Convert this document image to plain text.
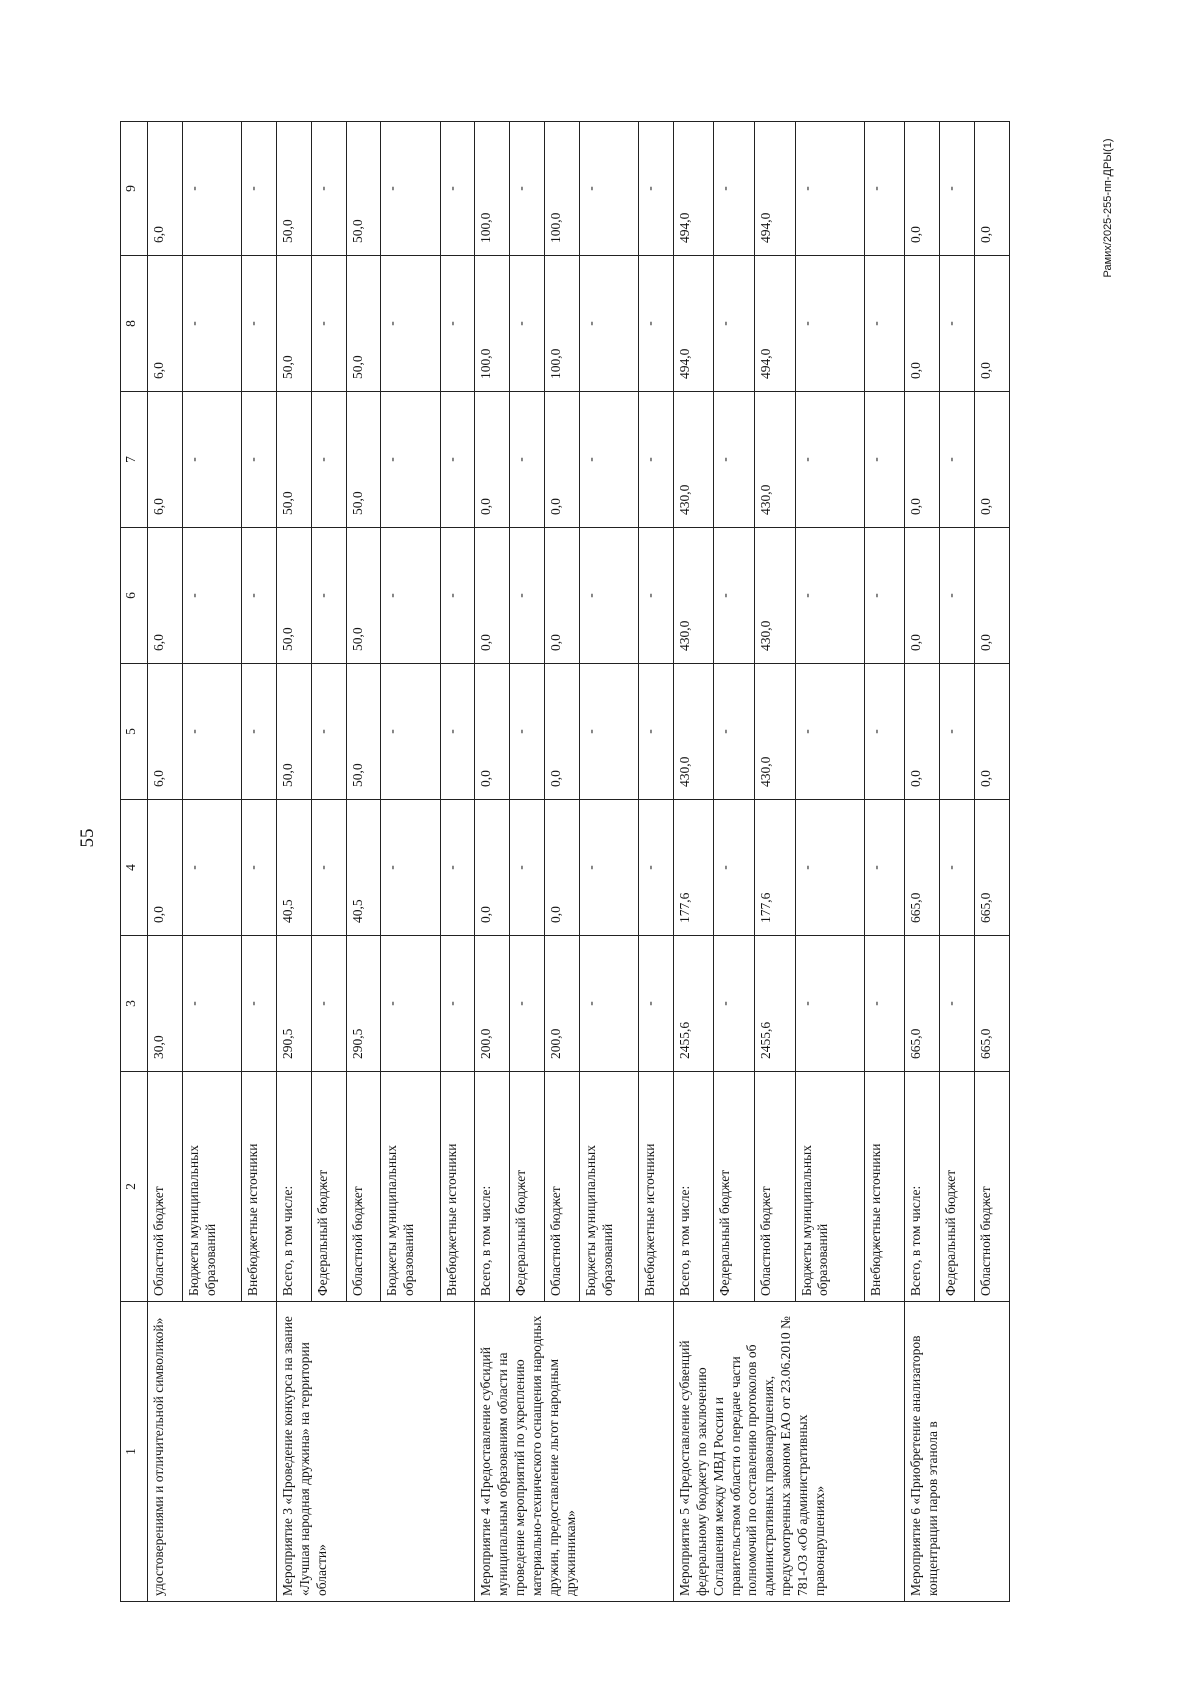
55
Рамих/2025-255-пп-ДРЫ(1)
1	2	3	4	5	6	7	8	9
удостоверениями и отличительной символикой»	Областной бюджет	30,0	0,0	6,0	6,0	6,0	6,0	6,0
	Бюджеты муниципальных образований	-	-	-	-	-	-	-
	Внебюджетные источники	-	-	-	-	-	-	-
Мероприятие 3 «Проведение конкурса на звание «Лучшая народная дружина» на территории области»	Всего, в том числе:	290,5	40,5	50,0	50,0	50,0	50,0	50,0
	Федеральный бюджет	-	-	-	-	-	-	-
	Областной бюджет	290,5	40,5	50,0	50,0	50,0	50,0	50,0
	Бюджеты муниципальных образований	-	-	-	-	-	-	-
	Внебюджетные источники	-	-	-	-	-	-	-
Мероприятие 4 «Предоставление субсидий муниципальным образованиям области на проведение мероприятий по укреплению материально-технического оснащения народных дружин, предоставление льгот народным дружинникам»	Всего, в том числе:	200,0	0,0	0,0	0,0	0,0	100,0	100,0
	Федеральный бюджет	-	-	-	-	-	-	-
	Областной бюджет	200,0	0,0	0,0	0,0	0,0	100,0	100,0
	Бюджеты муниципальных образований	-	-	-	-	-	-	-
	Внебюджетные источники	-	-	-	-	-	-	-
Мероприятие 5 «Предоставление субвенций федеральному бюджету по заключению Соглашения между МВД России и правительством области о передаче части полномочий по составлению протоколов об административных правонарушениях, предусмотренных законом ЕАО от 23.06.2010 № 781-ОЗ «Об административных правонарушениях»	Всего, в том числе:	2455,6	177,6	430,0	430,0	430,0	494,0	494,0
	Федеральный бюджет	-	-	-	-	-	-	-
	Областной бюджет	2455,6	177,6	430,0	430,0	430,0	494,0	494,0
	Бюджеты муниципальных образований	-	-	-	-	-	-	-
	Внебюджетные источники	-	-	-	-	-	-	-
Мероприятие 6 «Приобретение анализаторов концентрации паров этанола в	Всего, в том числе:	665,0	665,0	0,0	0,0	0,0	0,0	0,0
	Федеральный бюджет	-	-	-	-	-	-	-
	Областной бюджет	665,0	665,0	0,0	0,0	0,0	0,0	0,0
